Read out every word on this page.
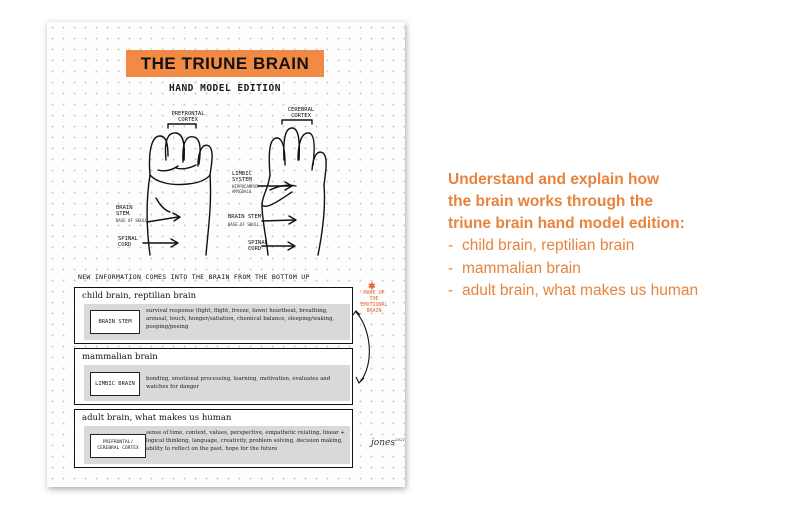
THE TRIUNE BRAIN
HAND MODEL EDITION
PREFRONTAL CORTEX
BRAIN STEM
BASE OF SKULL
SPINAL CORD
CEREBRAL CORTEX
LIMBIC SYSTEM
HIPPOCAMPUS + AMYGDALA
BRAIN STEM
BASE OF SKULL
SPINAL CORD
NEW INFORMATION COMES INTO THE BRAIN FROM THE BOTTOM UP
child brain, reptilian brain
BRAIN STEM
survival response (fight, flight, freeze, fawn) heartbeat, breathing, arousal, touch, hunger/satiation, chemical balance, sleeping/waking, pooping/peeing
mammalian brain
LIMBIC BRAIN
bonding, emotional processing, learning, motivation, evaluates and watches for danger
adult brain, what makes us human
PREFRONTAL/ CEREBRAL CORTEX
sense of time, context, values, perspective, empathetic relating, linear + logical thinking, language, creativity, problem solving, decision making, ability to reflect on the past, hope for the future
✱
MAKE UP THE EMOTIONAL BRAIN
jones$^{2021}$
Understand and explain how
the brain works through the
triune brain hand model edition:
- child brain, reptilian brain
- mammalian brain
- adult brain, what makes us human
